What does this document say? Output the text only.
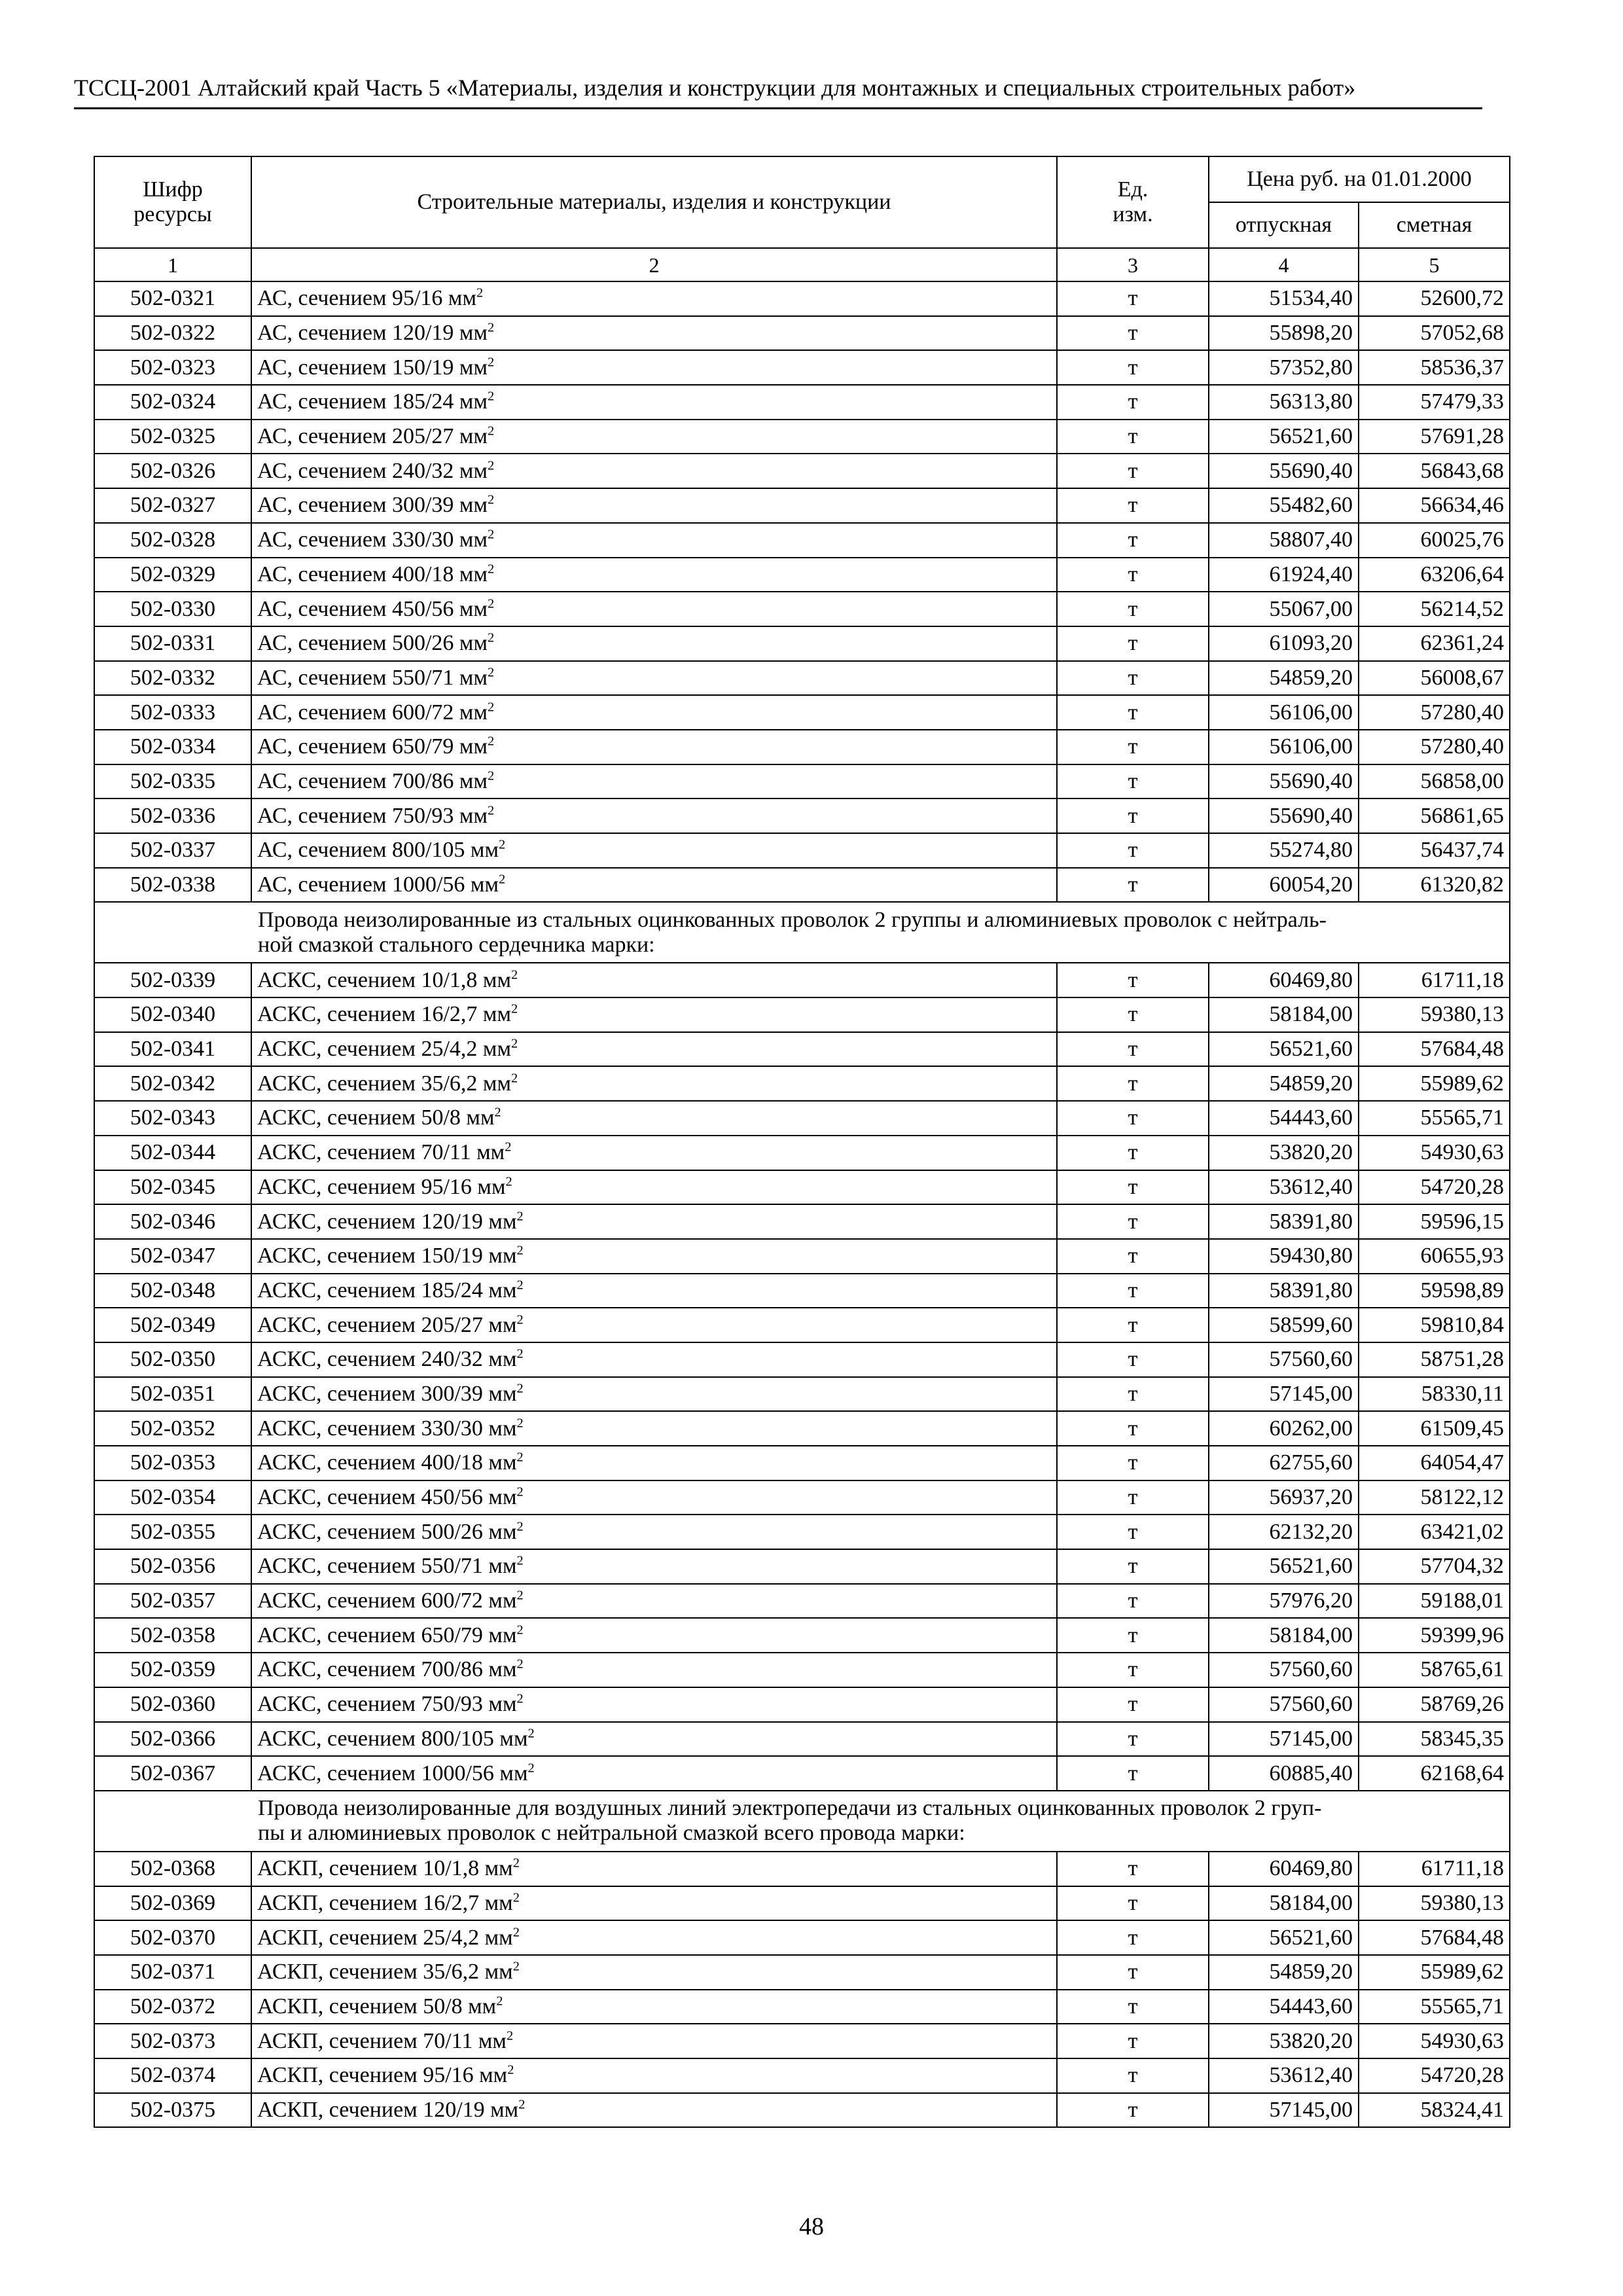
ТССЦ-2001 Алтайский край Часть 5 «Материалы, изделия и конструкции для монтажных и специальных строительных работ»
Шифр ресурсы	Строительные материалы, изделия и конструкции	Ед. изм.	Цена руб. на 01.01.2000	
			отпускная	сметная
1	2	3	4	5
502-0321	АС, сечением 95/16 $мм^2$	т	51534,40	52600,72
502-0322	АС, сечением 120/19 $мм^2$	т	55898,20	57052,68
502-0323	АС, сечением 150/19 $мм^2$	т	57352,80	58536,37
502-0324	АС, сечением 185/24 $мм^2$	т	56313,80	57479,33
502-0325	АС, сечением 205/27 $мм^2$	т	56521,60	57691,28
502-0326	АС, сечением 240/32 $мм^2$	т	55690,40	56843,68
502-0327	АС, сечением 300/39 $мм^2$	т	55482,60	56634,46
502-0328	АС, сечением 330/30 $мм^2$	т	58807,40	60025,76
502-0329	АС, сечением 400/18 $мм^2$	т	61924,40	63206,64
502-0330	АС, сечением 450/56 $мм^2$	т	55067,00	56214,52
502-0331	АС, сечением 500/26 $мм^2$	т	61093,20	62361,24
502-0332	АС, сечением 550/71 $мм^2$	т	54859,20	56008,67
502-0333	АС, сечением 600/72 $мм^2$	т	56106,00	57280,40
502-0334	АС, сечением 650/79 $мм^2$	т	56106,00	57280,40
502-0335	АС, сечением 700/86 $мм^2$	т	55690,40	56858,00
502-0336	АС, сечением 750/93 $мм^2$	т	55690,40	56861,65
502-0337	АС, сечением 800/105 $мм^2$	т	55274,80	56437,74
502-0338	АС, сечением 1000/56 $мм^2$	т	60054,20	61320,82
	Провода неизолированные из стальных оцинкованных проволок 2 группы и алюминиевых проволок с нейтраль-
ной смазкой стального сердечника марки:			
502-0339	АСКС, сечением 10/1,8 $мм^2$	т	60469,80	61711,18
502-0340	АСКС, сечением 16/2,7 $мм^2$	т	58184,00	59380,13
502-0341	АСКС, сечением 25/4,2 $мм^2$	т	56521,60	57684,48
502-0342	АСКС, сечением 35/6,2 $мм^2$	т	54859,20	55989,62
502-0343	АСКС, сечением 50/8 $мм^2$	т	54443,60	55565,71
502-0344	АСКС, сечением 70/11 $мм^2$	т	53820,20	54930,63
502-0345	АСКС, сечением 95/16 $мм^2$	т	53612,40	54720,28
502-0346	АСКС, сечением 120/19 $мм^2$	т	58391,80	59596,15
502-0347	АСКС, сечением 150/19 $мм^2$	т	59430,80	60655,93
502-0348	АСКС, сечением 185/24 $мм^2$	т	58391,80	59598,89
502-0349	АСКС, сечением 205/27 $мм^2$	т	58599,60	59810,84
502-0350	АСКС, сечением 240/32 $мм^2$	т	57560,60	58751,28
502-0351	АСКС, сечением 300/39 $мм^2$	т	57145,00	58330,11
502-0352	АСКС, сечением 330/30 $мм^2$	т	60262,00	61509,45
502-0353	АСКС, сечением 400/18 $мм^2$	т	62755,60	64054,47
502-0354	АСКС, сечением 450/56 $мм^2$	т	56937,20	58122,12
502-0355	АСКС, сечением 500/26 $мм^2$	т	62132,20	63421,02
502-0356	АСКС, сечением 550/71 $мм^2$	т	56521,60	57704,32
502-0357	АСКС, сечением 600/72 $мм^2$	т	57976,20	59188,01
502-0358	АСКС, сечением 650/79 $мм^2$	т	58184,00	59399,96
502-0359	АСКС, сечением 700/86 $мм^2$	т	57560,60	58765,61
502-0360	АСКС, сечением 750/93 $мм^2$	т	57560,60	58769,26
502-0366	АСКС, сечением 800/105 $мм^2$	т	57145,00	58345,35
502-0367	АСКС, сечением 1000/56 $мм^2$	т	60885,40	62168,64
	Провода неизолированные для воздушных линий электропередачи из стальных оцинкованных проволок 2 груп-
пы и алюминиевых проволок с нейтральной смазкой всего провода марки:			
502-0368	АСКП, сечением 10/1,8 $мм^2$	т	60469,80	61711,18
502-0369	АСКП, сечением 16/2,7 $мм^2$	т	58184,00	59380,13
502-0370	АСКП, сечением 25/4,2 $мм^2$	т	56521,60	57684,48
502-0371	АСКП, сечением 35/6,2 $мм^2$	т	54859,20	55989,62
502-0372	АСКП, сечением 50/8 $мм^2$	т	54443,60	55565,71
502-0373	АСКП, сечением 70/11 $мм^2$	т	53820,20	54930,63
502-0374	АСКП, сечением 95/16 $мм^2$	т	53612,40	54720,28
502-0375	АСКП, сечением 120/19 $мм^2$	т	57145,00	58324,41
48
